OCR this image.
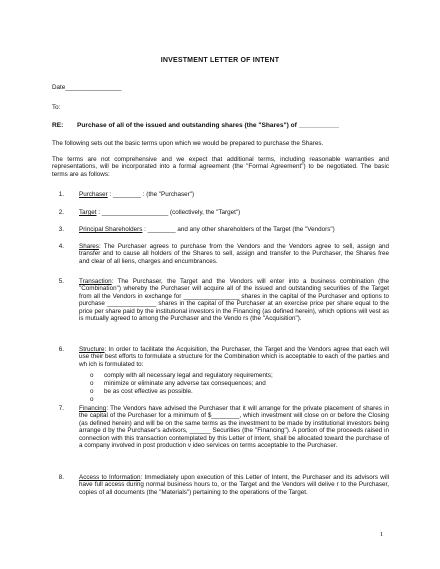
INVESTMENT LETTER OF INTENT
Date________________
To:
RE: Purchase of all of the issued and outstanding shares (the "Shares") of ___________
The following sets out the basic terms upon which we would be prepared to purchase the Shares.
The terms are not comprehensive and we expect that additional terms, including reasonable warranties and representations, will be incorporated into a formal agreement (the "Formal Agreement") to be negotiated. The basic terms are as follows:
1. Purchaser : ________ : (the "Purchaser")
2. Target : ___________________ (collectively, the "Target")
3. Principal Shareholders : ________ and any other shareholders of the Target (the "Vendors")
4. Shares: The Purchaser agrees to purchase from the Vendors and the Vendors agree to sell, assign and transfer and to cause all holders of the Shares to sell, assign and transfer to the Purchaser, the Shares free and clear of all liens, charges and encumbrances.
5. Transaction: The Purchaser, the Target and the Vendors will enter into a business combination (the "Combination") whereby the Purchaser will acquire all of the issued and outstanding securities of the Target from all the Vendors in exchange for ________________ shares in the capital of the Purchaser and options to purchase ______________ shares in the capital of the Purchaser at an exercise price per share equal to the price per share paid by the institutional investors in the Financing (as defined herein), which options will vest as is mutually agreed to among the Purchaser and the Vendo rs (the "Acquisition").
6. Structure: In order to facilitate the Acquisition, the Purchaser, the Target and the Vendors agree that each will use their best efforts to formulate a structure for the Combination which is acceptable to each of the parties and wh ich is formulated to:
o	comply with all necessary legal and regulatory requirements;
o	minimize or eliminate any adverse tax consequences; and
o	be as cost effective as possible.
o
7. Financing: The Vendors have advised the Purchaser that it will arrange for the private placement of shares in the capital of the Purchaser for a minimum of $________, which investment will close on or before the Closing (as defined herein) and will be on the same terms as the investment to be made by institutional investors being arrange d by the Purchaser's advisors, ______ Securities (the "Financing"). A portion of the proceeds raised in connection with this transaction contemplated by this Letter of Intent, shall be allocated toward the purchase of a company involved in post production v ideo services on terms acceptable to the Purchaser.
8. Access to Information: Immediately upon execution of this Letter of Intent, the Purchaser and its advisors will have full access during normal business hours to, or the Target and the Vendors will delive r to the Purchaser, copies of all documents (the "Materials") pertaining to the operations of the Target.
1
